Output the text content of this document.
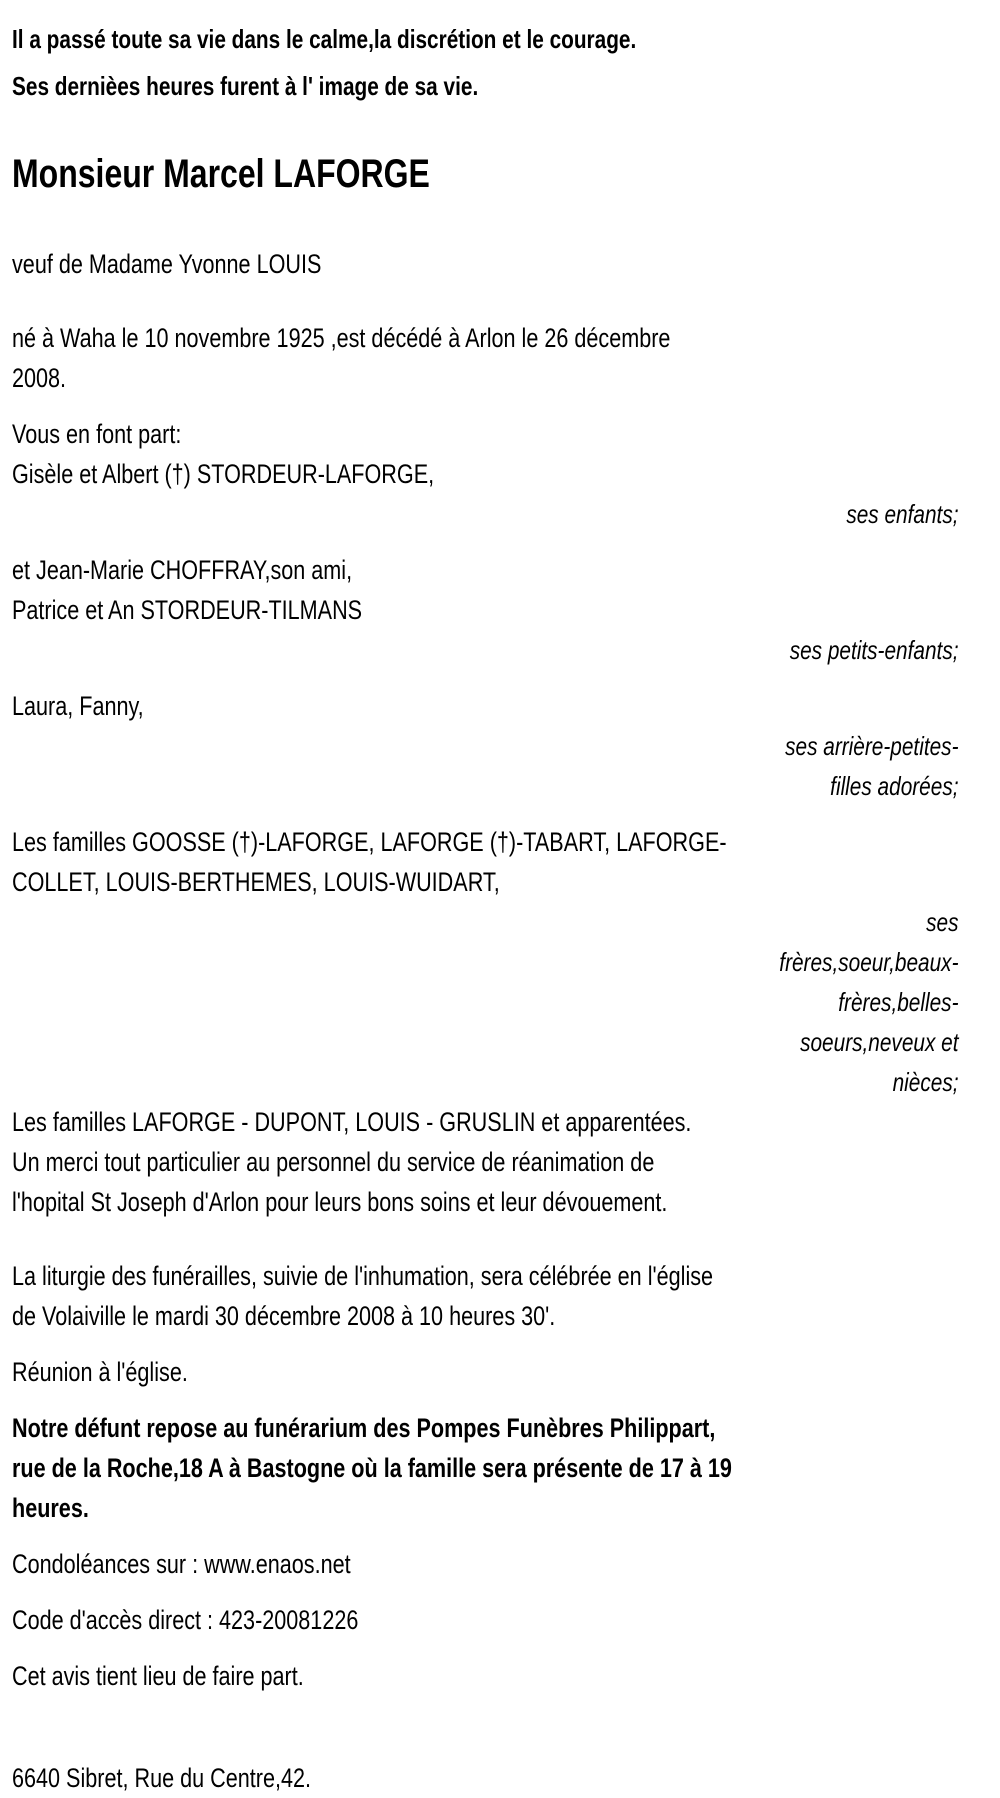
Il a passé toute sa vie dans le calme,la discrétion et le courage.
Ses dernièes heures furent à l' image de sa vie.
Monsieur Marcel LAFORGE
veuf de Madame Yvonne LOUIS
né à Waha le 10 novembre 1925 ,est décédé à Arlon le 26 décembre
2008.
Vous en font part:
Gisèle et Albert (†) STORDEUR-LAFORGE,
ses enfants;
et Jean-Marie CHOFFRAY,son ami,
Patrice et An STORDEUR-TILMANS
ses petits-enfants;
Laura, Fanny,
ses arrière-petites-
filles adorées;
Les familles GOOSSE (†)-LAFORGE, LAFORGE (†)-TABART, LAFORGE-
COLLET, LOUIS-BERTHEMES, LOUIS-WUIDART,
ses
frères,soeur,beaux-
frères,belles-
soeurs,neveux et
nièces;
Les familles LAFORGE - DUPONT, LOUIS - GRUSLIN et apparentées.
Un merci tout particulier au personnel du service de réanimation de
l'hopital St Joseph d'Arlon pour leurs bons soins et leur dévouement.
La liturgie des funérailles, suivie de l'inhumation, sera célébrée en l'église
de Volaiville le mardi 30 décembre 2008 à 10 heures 30'.
Réunion à l'église.
Notre défunt repose au funérarium des Pompes Funèbres Philippart,
rue de la Roche,18 A à Bastogne où la famille sera présente de 17 à 19
heures.
Condoléances sur : www.enaos.net
Code d'accès direct : 423-20081226
Cet avis tient lieu de faire part.
6640 Sibret, Rue du Centre,42.
